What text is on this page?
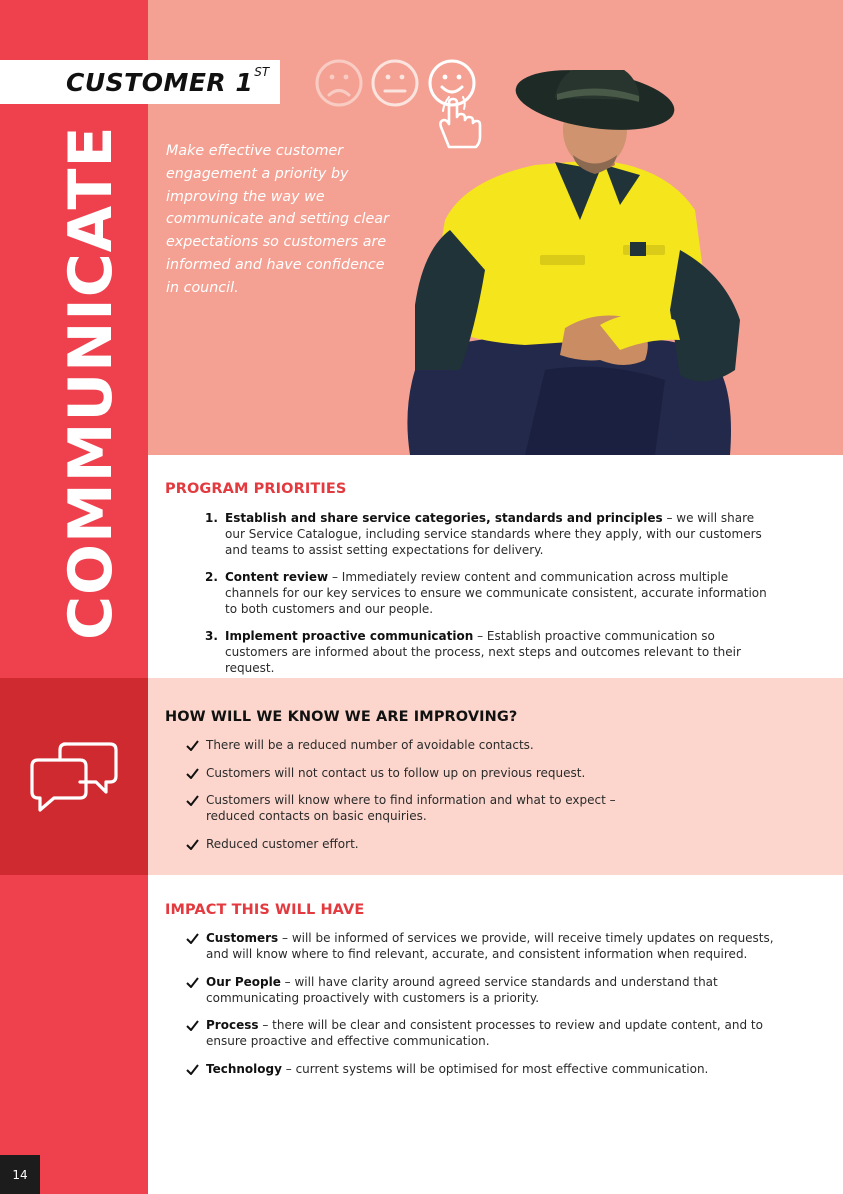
COMMUNICATE
14
CUSTOMER 1 ST
Make effective customer engagement a priority by improving the way we communicate and setting clear expectations so customers are informed and have confidence in council.
PROGRAM PRIORITIES
1. Establish and share service categories, standards and principles – we will share our Service Catalogue, including service standards where they apply, with our customers and teams to assist setting expectations for delivery.
2. Content review – Immediately review content and communication across multiple channels for our key services to ensure we communicate consistent, accurate information to both customers and our people.
3. Implement proactive communication – Establish proactive communication so customers are informed about the process, next steps and outcomes relevant to their request.
HOW WILL WE KNOW WE ARE IMPROVING?
There will be a reduced number of avoidable contacts.
Customers will not contact us to follow up on previous request.
Customers will know where to find information and what to expect – reduced contacts on basic enquiries.
Reduced customer effort.
IMPACT THIS WILL HAVE
Customers – will be informed of services we provide, will receive timely updates on requests, and will know where to find relevant, accurate, and consistent information when required.
Our People – will have clarity around agreed service standards and understand that communicating proactively with customers is a priority.
Process – there will be clear and consistent processes to review and update content, and to ensure proactive and effective communication.
Technology – current systems will be optimised for most effective communication.
